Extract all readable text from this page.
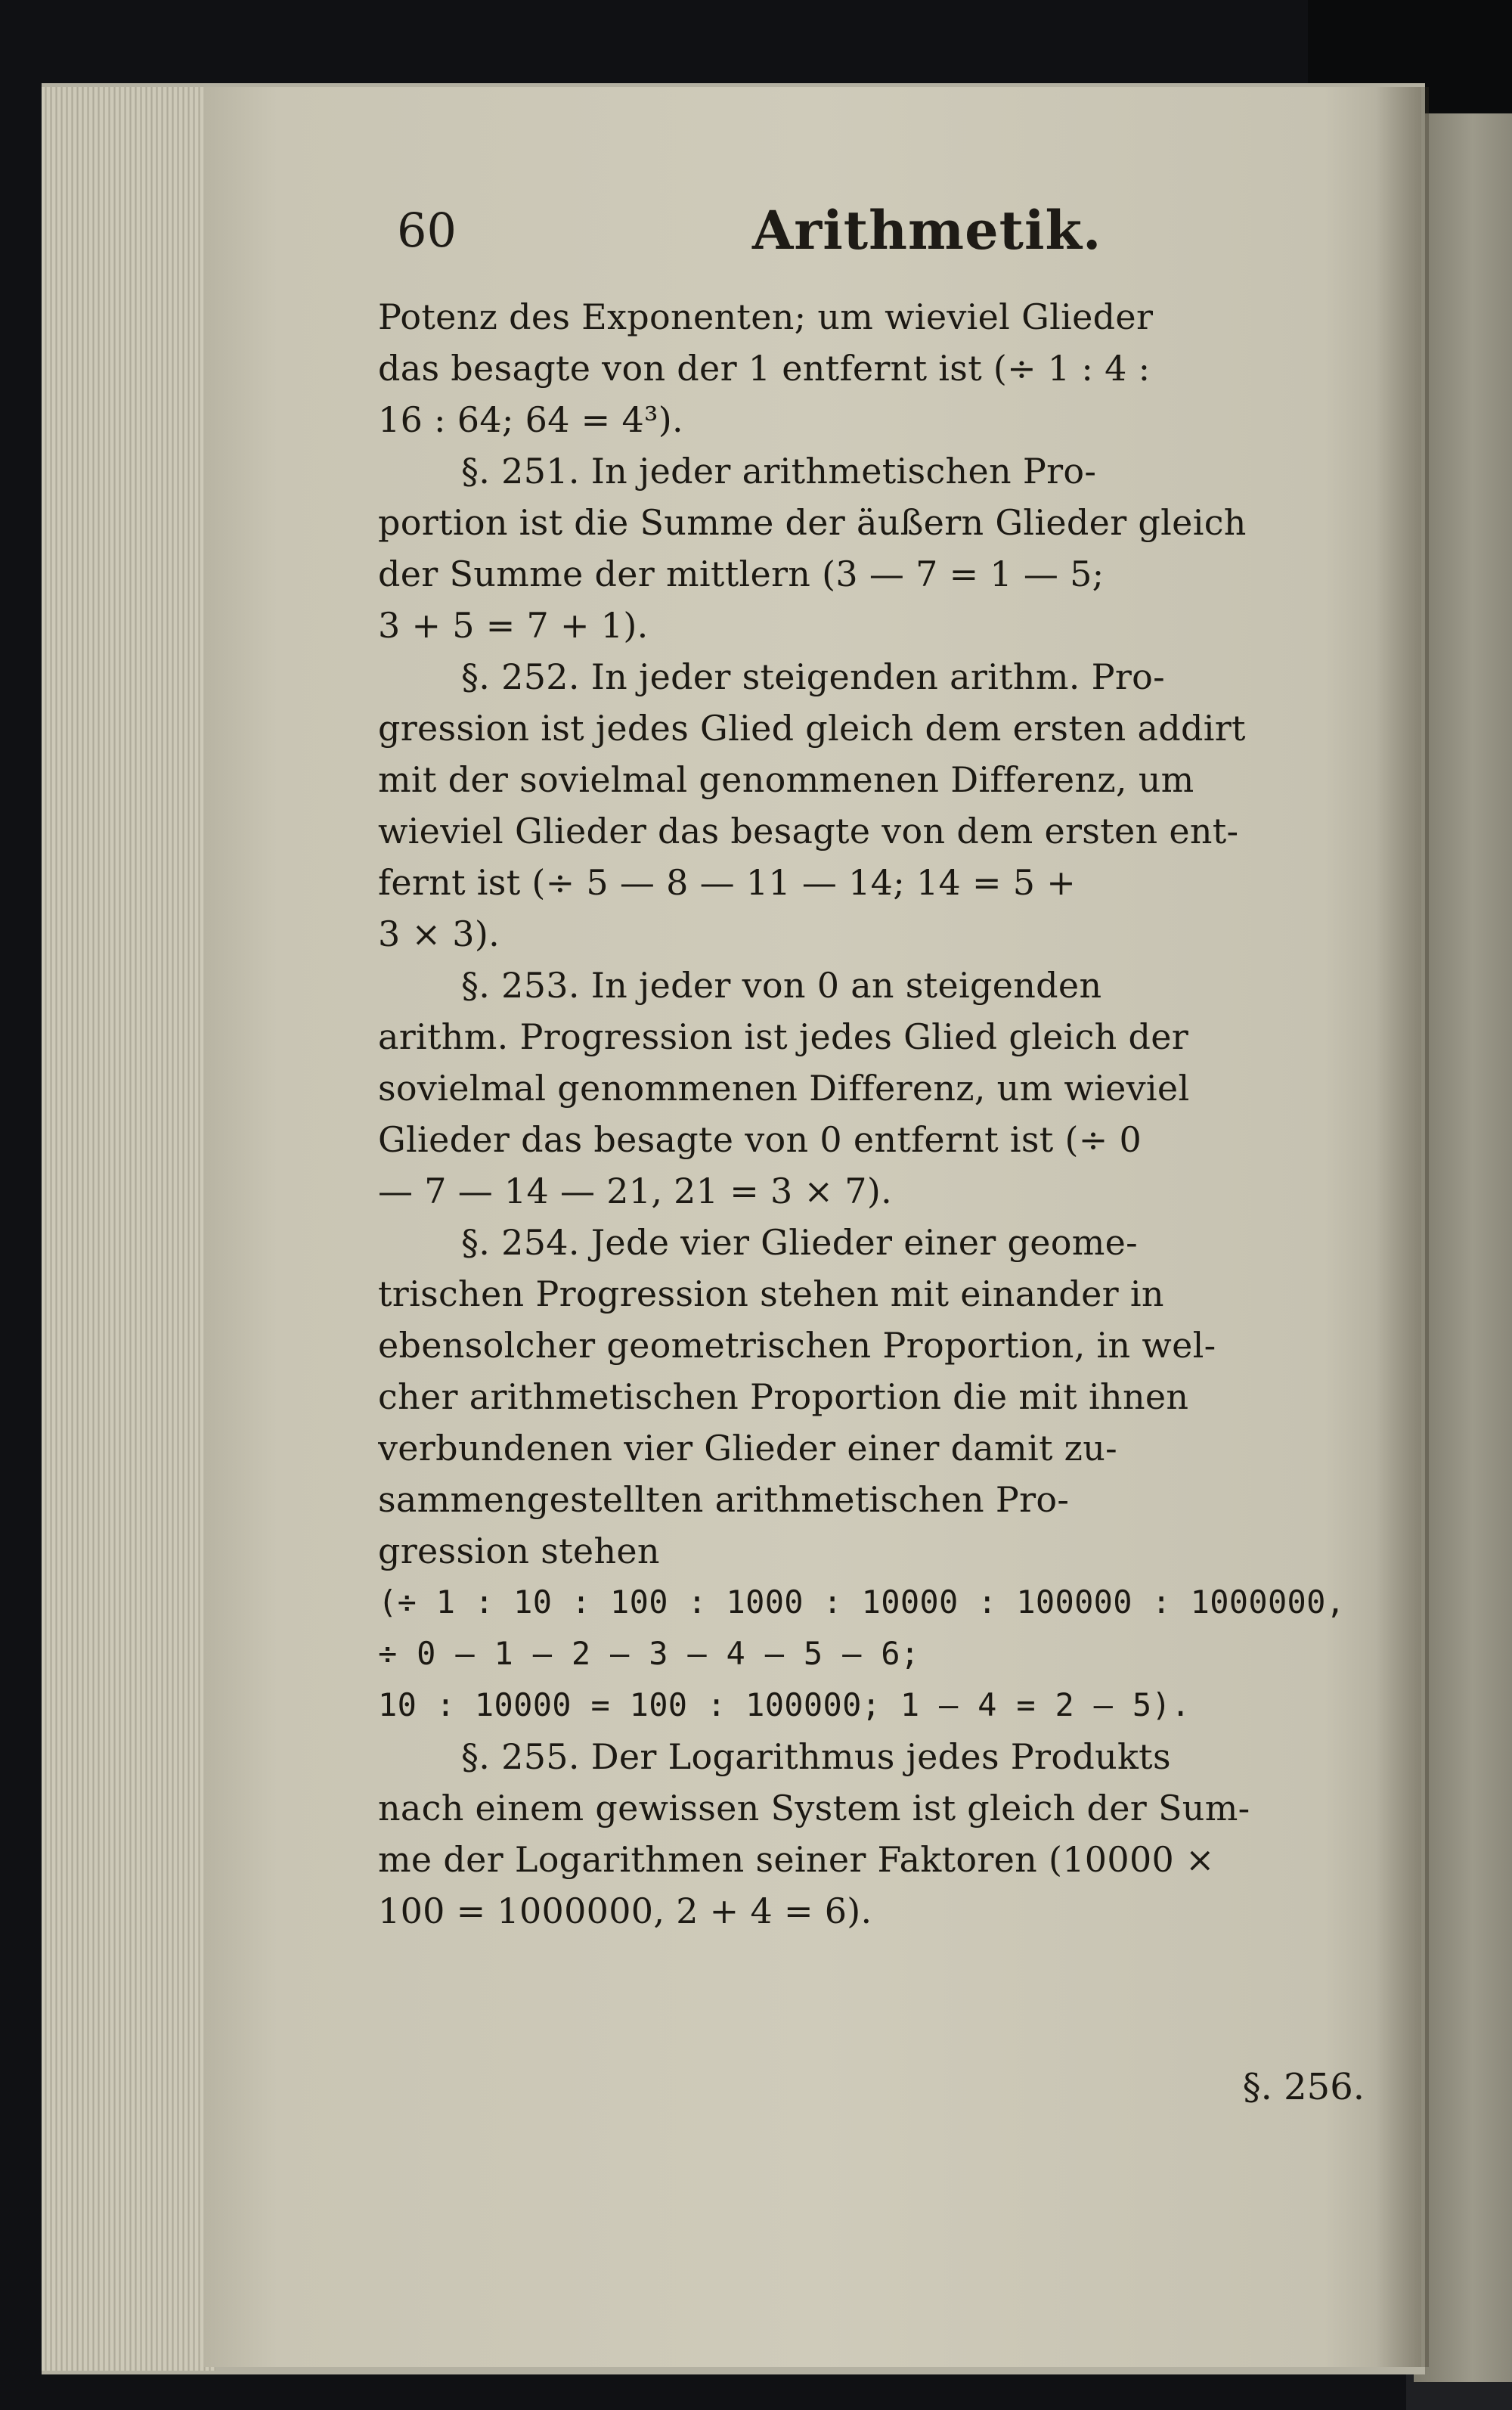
60	Arithmetik.
Potenz des Exponenten; um wieviel Glieder
das besagte von der 1 entfernt ist (÷ 1 : 4 :
16 : 64; 64 = 4³).
§. 251. In jeder arithmetischen Pro-
portion ist die Summe der äußern Glieder gleich
der Summe der mittlern (3 — 7 = 1 — 5;
3 + 5 = 7 + 1).
§. 252. In jeder steigenden arithm. Pro-
gression ist jedes Glied gleich dem ersten addirt
mit der sovielmal genommenen Differenz, um
wieviel Glieder das besagte von dem ersten ent-
fernt ist (÷ 5 — 8 — 11 — 14; 14 = 5 +
3 × 3).
§. 253. In jeder von 0 an steigenden
arithm. Progression ist jedes Glied gleich der
sovielmal genommenen Differenz, um wieviel
Glieder das besagte von 0 entfernt ist (÷ 0
— 7 — 14 — 21, 21 = 3 × 7).
§. 254. Jede vier Glieder einer geome-
trischen Progression stehen mit einander in
ebensolcher geometrischen Proportion, in wel-
cher arithmetischen Proportion die mit ihnen
verbundenen vier Glieder einer damit zu-
sammengestellten arithmetischen Pro-
gression stehen
(÷ 1 : 10 : 100 : 1000 : 10000 : 100000 : 1000000,
÷ 0 — 1 — 2 — 3 — 4 — 5 — 6;
10 : 10000 = 100 : 100000; 1 — 4 = 2 — 5).
§. 255. Der Logarithmus jedes Produkts
nach einem gewissen System ist gleich der Sum-
me der Logarithmen seiner Faktoren (10000 ×
100 = 1000000, 2 + 4 = 6).
§. 256.
